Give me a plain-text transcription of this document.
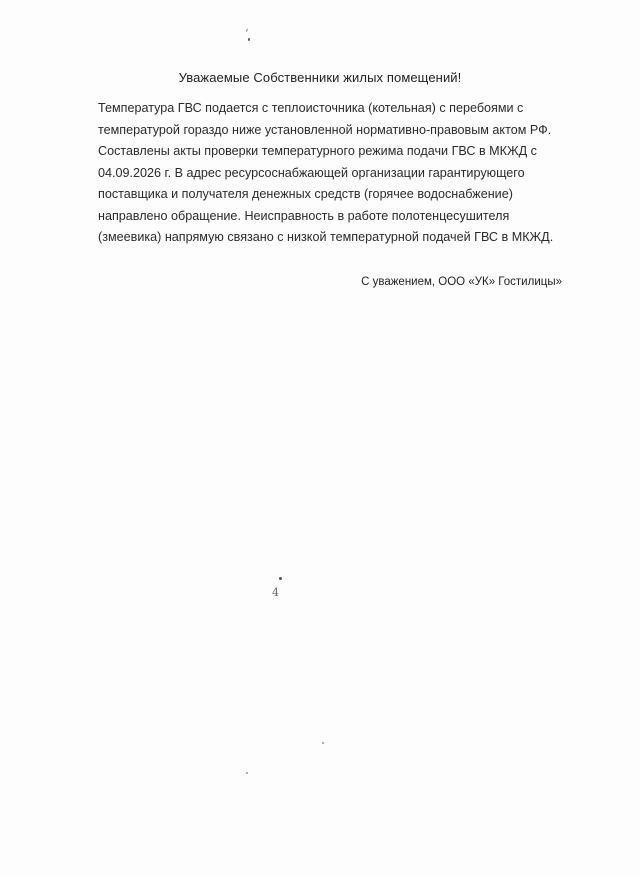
ʻ
4
Уважаемые Собственники жилых помещений!

Температура ГВС подается с теплоисточника (котельная) с перебоями с
температурой гораздо ниже установленной нормативно-правовым актом РФ.
Составлены акты проверки температурного режима подачи ГВС в МКЖД с
04.09.2026 г. В адрес ресурсоснабжающей организации гарантирующего
поставщика и получателя денежных средств (горячее водоснабжение)
направлено обращение. Неисправность в работе полотенцесушителя
(змеевика) напрямую связано с низкой температурной подачей ГВС в МКЖД.

С уважением, ООО «УК» Гостилицы»
